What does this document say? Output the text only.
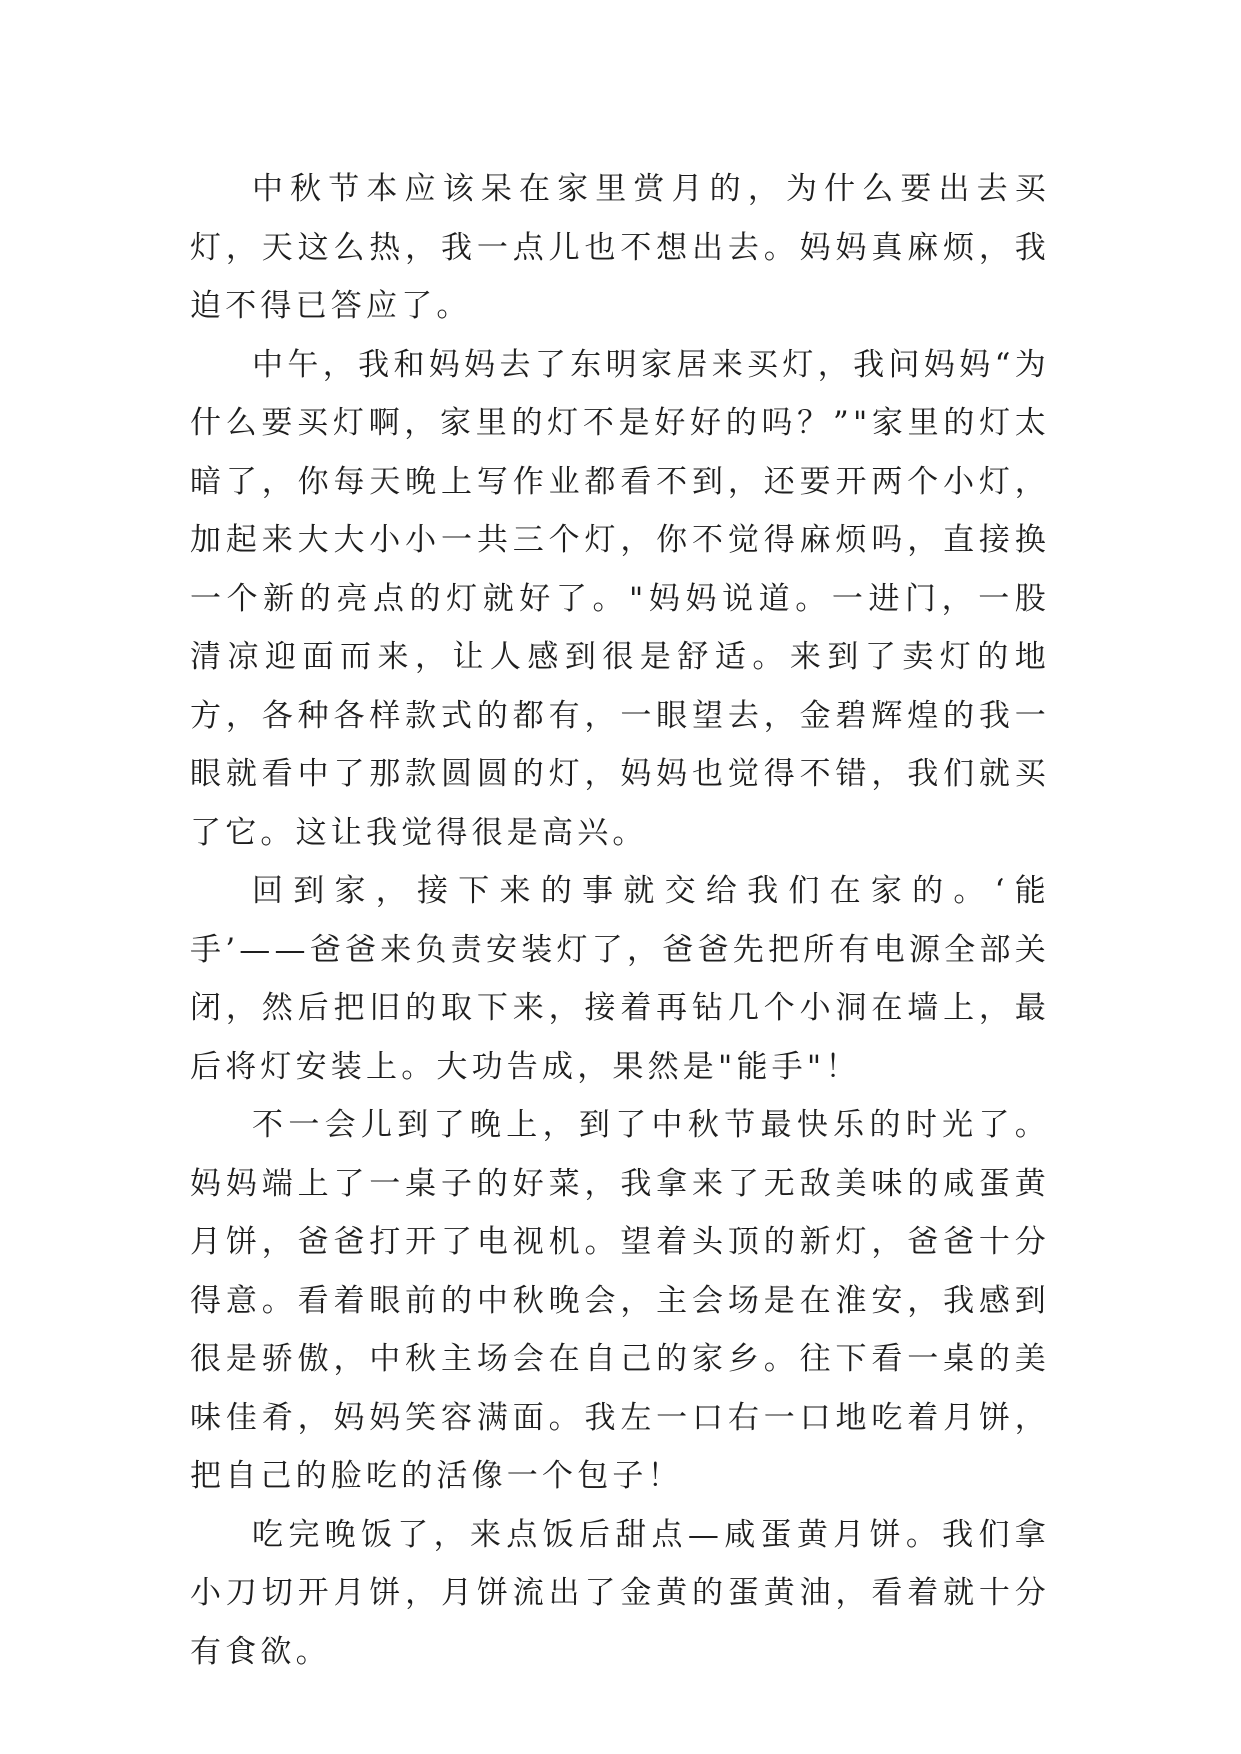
中秋节本应该呆在家里赏月的，为什么要出去买灯，天这么热，我一点儿也不想出去。妈妈真麻烦，我迫不得已答应了。

中午，我和妈妈去了东明家居来买灯，我问妈妈“为什么要买灯啊，家里的灯不是好好的吗？”"家里的灯太暗了，你每天晚上写作业都看不到，还要开两个小灯，加起来大大小小一共三个灯，你不觉得麻烦吗，直接换一个新的亮点的灯就好了。"妈妈说道。一进门，一股清凉迎面而来，让人感到很是舒适。来到了卖灯的地方，各种各样款式的都有，一眼望去，金碧辉煌的我一眼就看中了那款圆圆的灯，妈妈也觉得不错，我们就买了它。这让我觉得很是高兴。

回到家，接下来的事就交给我们在家的。‘能手’——爸爸来负责安装灯了，爸爸先把所有电源全部关闭，然后把旧的取下来，接着再钻几个小洞在墙上，最后将灯安装上。大功告成，果然是"能手"！

不一会儿到了晚上，到了中秋节最快乐的时光了。妈妈端上了一桌子的好菜，我拿来了无敌美味的咸蛋黄月饼，爸爸打开了电视机。望着头顶的新灯，爸爸十分得意。看着眼前的中秋晚会，主会场是在淮安，我感到很是骄傲，中秋主场会在自己的家乡。往下看一桌的美味佳肴，妈妈笑容满面。我左一口右一口地吃着月饼，把自己的脸吃的活像一个包子！

吃完晚饭了，来点饭后甜点—咸蛋黄月饼。我们拿小刀切开月饼，月饼流出了金黄的蛋黄油，看着就十分有食欲。
